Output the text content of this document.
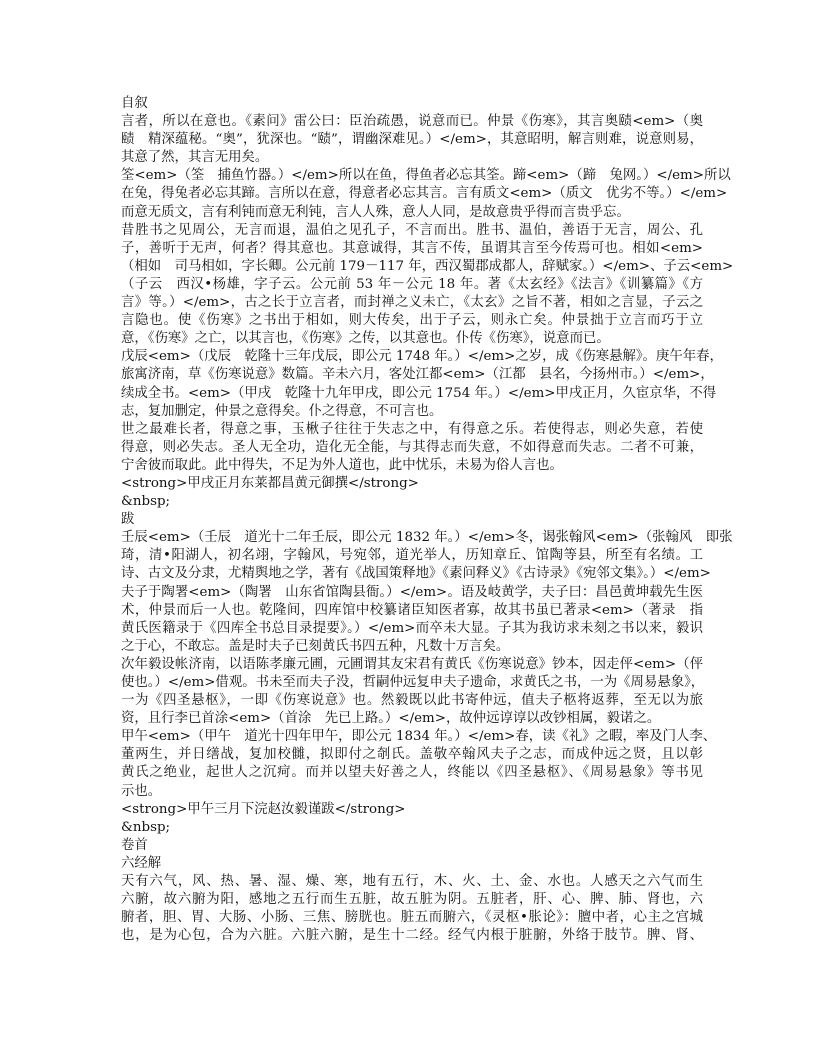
自叙
言者，所以在意也。《素问》雷公曰：臣治疏愚，说意而已。仲景《伤寒》，其言奥赜<em>（奥
赜　精深蕴秘。“奥”，犹深也。“赜”，谓幽深难见。）</em>，其意昭明，解言则难，说意则易，
其意了然，其言无用矣。
筌<em>（筌　捕鱼竹器。）</em>所以在鱼，得鱼者必忘其筌。蹄<em>（蹄　兔网。）</em>所以
在兔，得兔者必忘其蹄。言所以在意，得意者必忘其言。言有质文<em>（质文　优劣不等。）</em>
而意无质文，言有利钝而意无利钝，言人人殊，意人人同，是故意贵乎得而言贵乎忘。
昔胜书之见周公，无言而退，温伯之见孔子，不言而出。胜书、温伯，善语于无言，周公、孔
子，善听于无声，何者？得其意也。其意诚得，其言不传，虽谓其言至今传焉可也。相如<em>
（相如　司马相如，字长卿。公元前 179－117 年，西汉蜀郡成都人，辞赋家。）</em>、子云<em>
（子云　西汉•杨雄，字子云。公元前 53 年－公元 18 年。著《太玄经》《法言》《训纂篇》《方
言》等。）</em>，古之长于立言者，而封禅之义未亡，《太玄》之旨不著，相如之言显，子云之
言隐也。使《伤寒》之书出于相如，则大传矣，出于子云，则永亡矣。仲景拙于立言而巧于立
意，《伤寒》之亡，以其言也，《伤寒》之传，以其意也。仆传《伤寒》，说意而已。
戊辰<em>（戊辰　乾隆十三年戊辰，即公元 1748 年。）</em>之岁，成《伤寒悬解》。庚午年春，
旅寓济南，草《伤寒说意》数篇。辛未六月，客处江都<em>（江都　县名，今扬州市。）</em>，
续成全书。<em>（甲戌　乾隆十九年甲戌，即公元 1754 年。）</em>甲戌正月，久宦京华，不得
志，复加删定，仲景之意得矣。仆之得意，不可言也。
世之最难长者，得意之事，玉楸子往往于失志之中，有得意之乐。若使得志，则必失意，若使
得意，则必失志。圣人无全功，造化无全能，与其得志而失意，不如得意而失志。二者不可兼，
宁舍彼而取此。此中得失，不足为外人道也，此中忧乐，未易为俗人言也。
<strong>甲戌正月东莱都昌黄元御撰</strong>
&nbsp;
跋
壬辰<em>（壬辰　道光十二年壬辰，即公元 1832 年。）</em>冬，谒张翰风<em>（张翰风　即张
琦，清•阳湖人，初名翊，字翰风，号宛邻，道光举人，历知章丘、馆陶等县，所至有名绩。工
诗、古文及分隶，尤精舆地之学，著有《战国策释地》《素问释义》《古诗录》《宛邻文集》。）</em>
夫子于陶署<em>（陶署　山东省馆陶县衙。）</em>。语及岐黄学，夫子曰：昌邑黄坤载先生医
术，仲景而后一人也。乾隆间，四库馆中校纂诸臣知医者寡，故其书虽已著录<em>（著录　指
黄氏医籍录于《四库全书总目录提要》。）</em>而卒未大显。子其为我访求未刻之书以来，毅识
之于心，不敢忘。盖是时夫子已刻黄氏书四五种，凡数十万言矣。
次年毅设帐济南，以语陈孝廉元圃，元圃谓其友宋君有黄氏《伤寒说意》钞本，因走伻<em>（伻
使也。）</em>借观。书未至而夫子没，哲嗣仲远复申夫子遗命，求黄氏之书，一为《周易悬象》，
一为《四圣悬枢》，一即《伤寒说意》也。然毅既以此书寄仲远，值夫子柩将返葬，至无以为旅
资，且行李已首涂<em>（首涂　先已上路。）</em>，故仲远谆谆以改钞相属，毅诺之。
甲午<em>（甲午　道光十四年甲午，即公元 1834 年。）</em>春，读《礼》之暇，率及门人李、
董两生，并日缮战，复加校雠，拟即付之剞氏。盖敬卒翰风夫子之志，而成仲远之贤，且以彰
黄氏之绝业，起世人之沉疴。而并以望夫好善之人，终能以《四圣悬枢》、《周易悬象》等书见
示也。
<strong>甲午三月下浣赵汝毅谨跋</strong>
&nbsp;
卷首
六经解
天有六气，风、热、暑、湿、燥、寒，地有五行，木、火、土、金、水也。人感天之六气而生
六腑，故六腑为阳，感地之五行而生五脏，故五脏为阴。五脏者，肝、心、脾、肺、肾也，六
腑者，胆、胃、大肠、小肠、三焦、膀胱也。脏五而腑六，《灵枢•胀论》：膻中者，心主之宫城
也，是为心包，合为六脏。六脏六腑，是生十二经。经气内根于脏腑，外络于肢节。脾、肾、
